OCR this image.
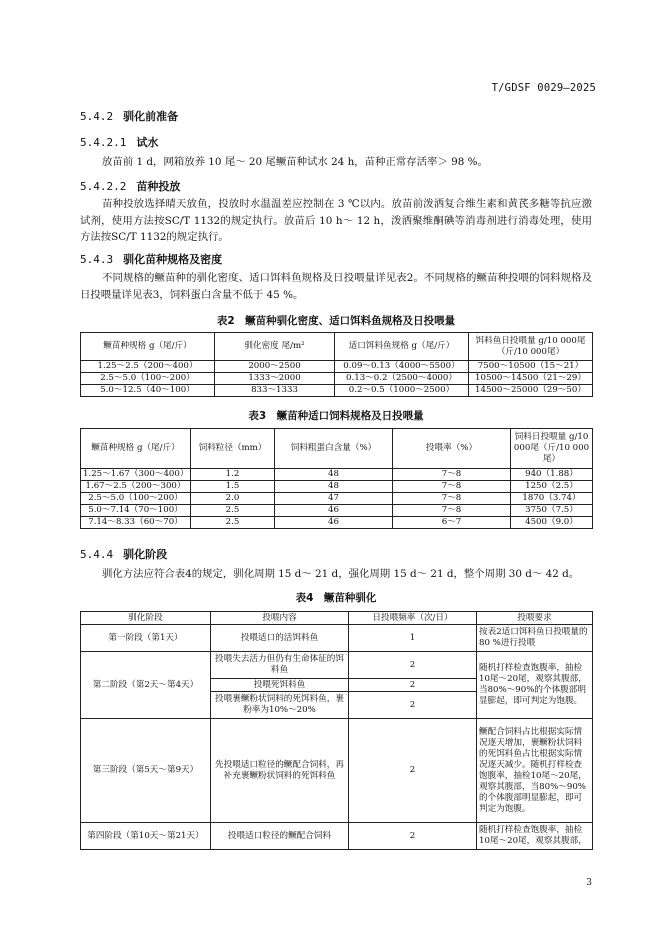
T/GDSF 0029—2025
5.4.2 驯化前准备
5.4.2.1 试水
放苗前 1 d，网箱放养 10 尾～ 20 尾鳜苗种试水 24 h，苗种正常存活率＞ 98 %。
5.4.2.2 苗种投放
苗种投放选择晴天放鱼，投放时水温温差应控制在 3 ℃以内。放苗前泼洒复合维生素和黄芪多糖等抗应激试剂，使用方法按SC/T 1132的规定执行。放苗后 10 h～ 12 h，泼洒聚维酮碘等消毒剂进行消毒处理，使用方法按SC/T 1132的规定执行。
5.4.3 驯化苗种规格及密度
不同规格的鳜苗种的驯化密度、适口饵料鱼规格及日投喂量详见表2。不同规格的鳜苗种投喂的饲料规格及日投喂量详见表3，饲料蛋白含量不低于 45 %。
表2　鳜苗种驯化密度、适口饵料鱼规格及日投喂量
鳜苗种规格 g（尾/斤）	驯化密度 尾/m²	适口饵料鱼规格 g（尾/斤）	饵料鱼日投喂量 g/10 000尾（斤/10 000尾）
1.25～2.5（200～400）	2000～2500	0.09～0.13（4000～5500）	7500～10500（15～21）
2.5～5.0（100～200）	1333～2000	0.13～0.2（2500～4000）	10500～14500（21～29）
5.0～12.5（40～100）	833～1333	0.2～0.5（1000～2500）	14500～25000（29～50）
表3　鳜苗种适口饲料规格及日投喂量
鳜苗种规格 g（尾/斤）	饲料粒径（mm）	饲料粗蛋白含量（%）	投喂率（%）	饲料日投喂量 g/10 000尾（斤/10 000尾）
1.25～1.67（300～400）	1.2	48	7～8	940（1.88）
1.67～2.5（200～300）	1.5	48	7～8	1250（2.5）
2.5～5.0（100～200）	2.0	47	7～8	1870（3.74）
5.0～7.14（70～100）	2.5	46	7～8	3750（7.5）
7.14～8.33（60～70）	2.5	46	6～7	4500（9.0）
5.4.4 驯化阶段
驯化方法应符合表4的规定，驯化周期 15 d～ 21 d，强化周期 15 d～ 21 d，整个周期 30 d～ 42 d。
表4　鳜苗种驯化
驯化阶段	投喂内容	日投喂频率（次/日）	投喂要求
第一阶段（第1天）	投喂适口的活饵料鱼	1	按表2适口饵料鱼日投喂量的80 %进行投喂
第二阶段（第2天～第4天）	投喂失去活力但仍有生命体征的饵料鱼	2	随机打样检查饱腹率，抽检10尾～20尾，观察其腹部，当80%～90%的个体腹部明显膨起，即可判定为饱腹。
	投喂死饵料鱼	2	
	投喂裹鳜粉状饲料的死饵料鱼，裹粉率为10%～20%	2	
第三阶段（第5天～第9天）	先投喂适口粒径的鳜配合饲料，再补充裹鳜粉状饲料的死饵料鱼	2	鳜配合饲料占比根据实际情况逐天增加，裹鳜粉状饲料的死饵料鱼占比根据实际情况逐天减少。随机打样检查饱腹率，抽检10尾～20尾，观察其腹部，当80%～90%的个体腹部明显膨起，即可判定为饱腹。
第四阶段（第10天～第21天）	投喂适口粒径的鳜配合饲料	2	随机打样检查饱腹率，抽检10尾～20尾，观察其腹部，
3
